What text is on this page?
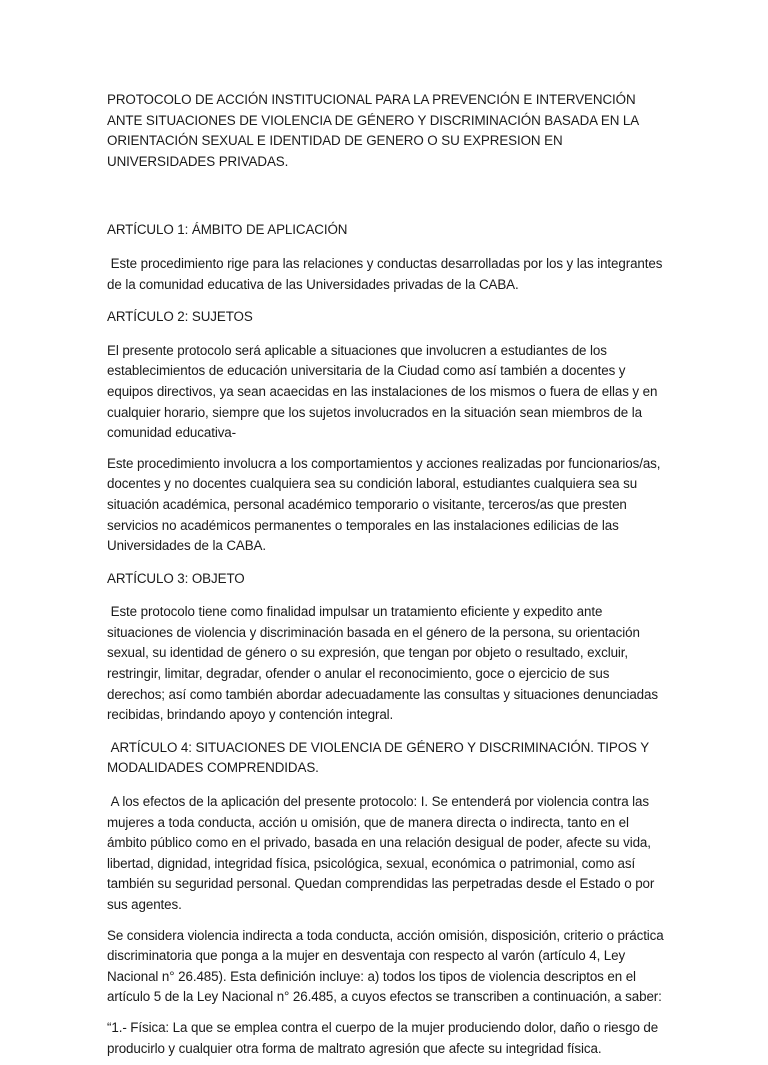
PROTOCOLO DE ACCIÓN INSTITUCIONAL PARA LA PREVENCIÓN E INTERVENCIÓN ANTE SITUACIONES DE VIOLENCIA DE GÉNERO Y DISCRIMINACIÓN BASADA EN LA ORIENTACIÓN SEXUAL E IDENTIDAD DE GENERO O SU EXPRESION EN UNIVERSIDADES PRIVADAS.

ARTÍCULO 1: ÁMBITO DE APLICACIÓN

Este procedimiento rige para las relaciones y conductas desarrolladas por los y las integrantes de la comunidad educativa de las Universidades privadas de la CABA.

ARTÍCULO 2: SUJETOS

El presente protocolo será aplicable a situaciones que involucren a estudiantes de los establecimientos de educación universitaria de la Ciudad como así también a docentes y equipos directivos, ya sean acaecidas en las instalaciones de los mismos o fuera de ellas y en cualquier horario, siempre que los sujetos involucrados en la situación sean miembros de la comunidad educativa-

Este procedimiento involucra a los comportamientos y acciones realizadas por funcionarios/as, docentes y no docentes cualquiera sea su condición laboral, estudiantes cualquiera sea su situación académica, personal académico temporario o visitante, terceros/as que presten servicios no académicos permanentes o temporales en las instalaciones edilicias de las Universidades de la CABA.

ARTÍCULO 3: OBJETO

Este protocolo tiene como finalidad impulsar un tratamiento eficiente y expedito ante situaciones de violencia y discriminación basada en el género de la persona, su orientación sexual, su identidad de género o su expresión, que tengan por objeto o resultado, excluir, restringir, limitar, degradar, ofender o anular el reconocimiento, goce o ejercicio de sus derechos; así como también abordar adecuadamente las consultas y situaciones denunciadas recibidas, brindando apoyo y contención integral.

ARTÍCULO 4: SITUACIONES DE VIOLENCIA DE GÉNERO Y DISCRIMINACIÓN. TIPOS Y MODALIDADES COMPRENDIDAS.

A los efectos de la aplicación del presente protocolo: I. Se entenderá por violencia contra las mujeres a toda conducta, acción u omisión, que de manera directa o indirecta, tanto en el ámbito público como en el privado, basada en una relación desigual de poder, afecte su vida, libertad, dignidad, integridad física, psicológica, sexual, económica o patrimonial, como así también su seguridad personal. Quedan comprendidas las perpetradas desde el Estado o por sus agentes.

Se considera violencia indirecta a toda conducta, acción omisión, disposición, criterio o práctica discriminatoria que ponga a la mujer en desventaja con respecto al varón (artículo 4, Ley Nacional n° 26.485). Esta definición incluye: a) todos los tipos de violencia descriptos en el artículo 5 de la Ley Nacional n° 26.485, a cuyos efectos se transcriben a continuación, a saber:

“1.- Física: La que se emplea contra el cuerpo de la mujer produciendo dolor, daño o riesgo de producirlo y cualquier otra forma de maltrato agresión que afecte su integridad física.
